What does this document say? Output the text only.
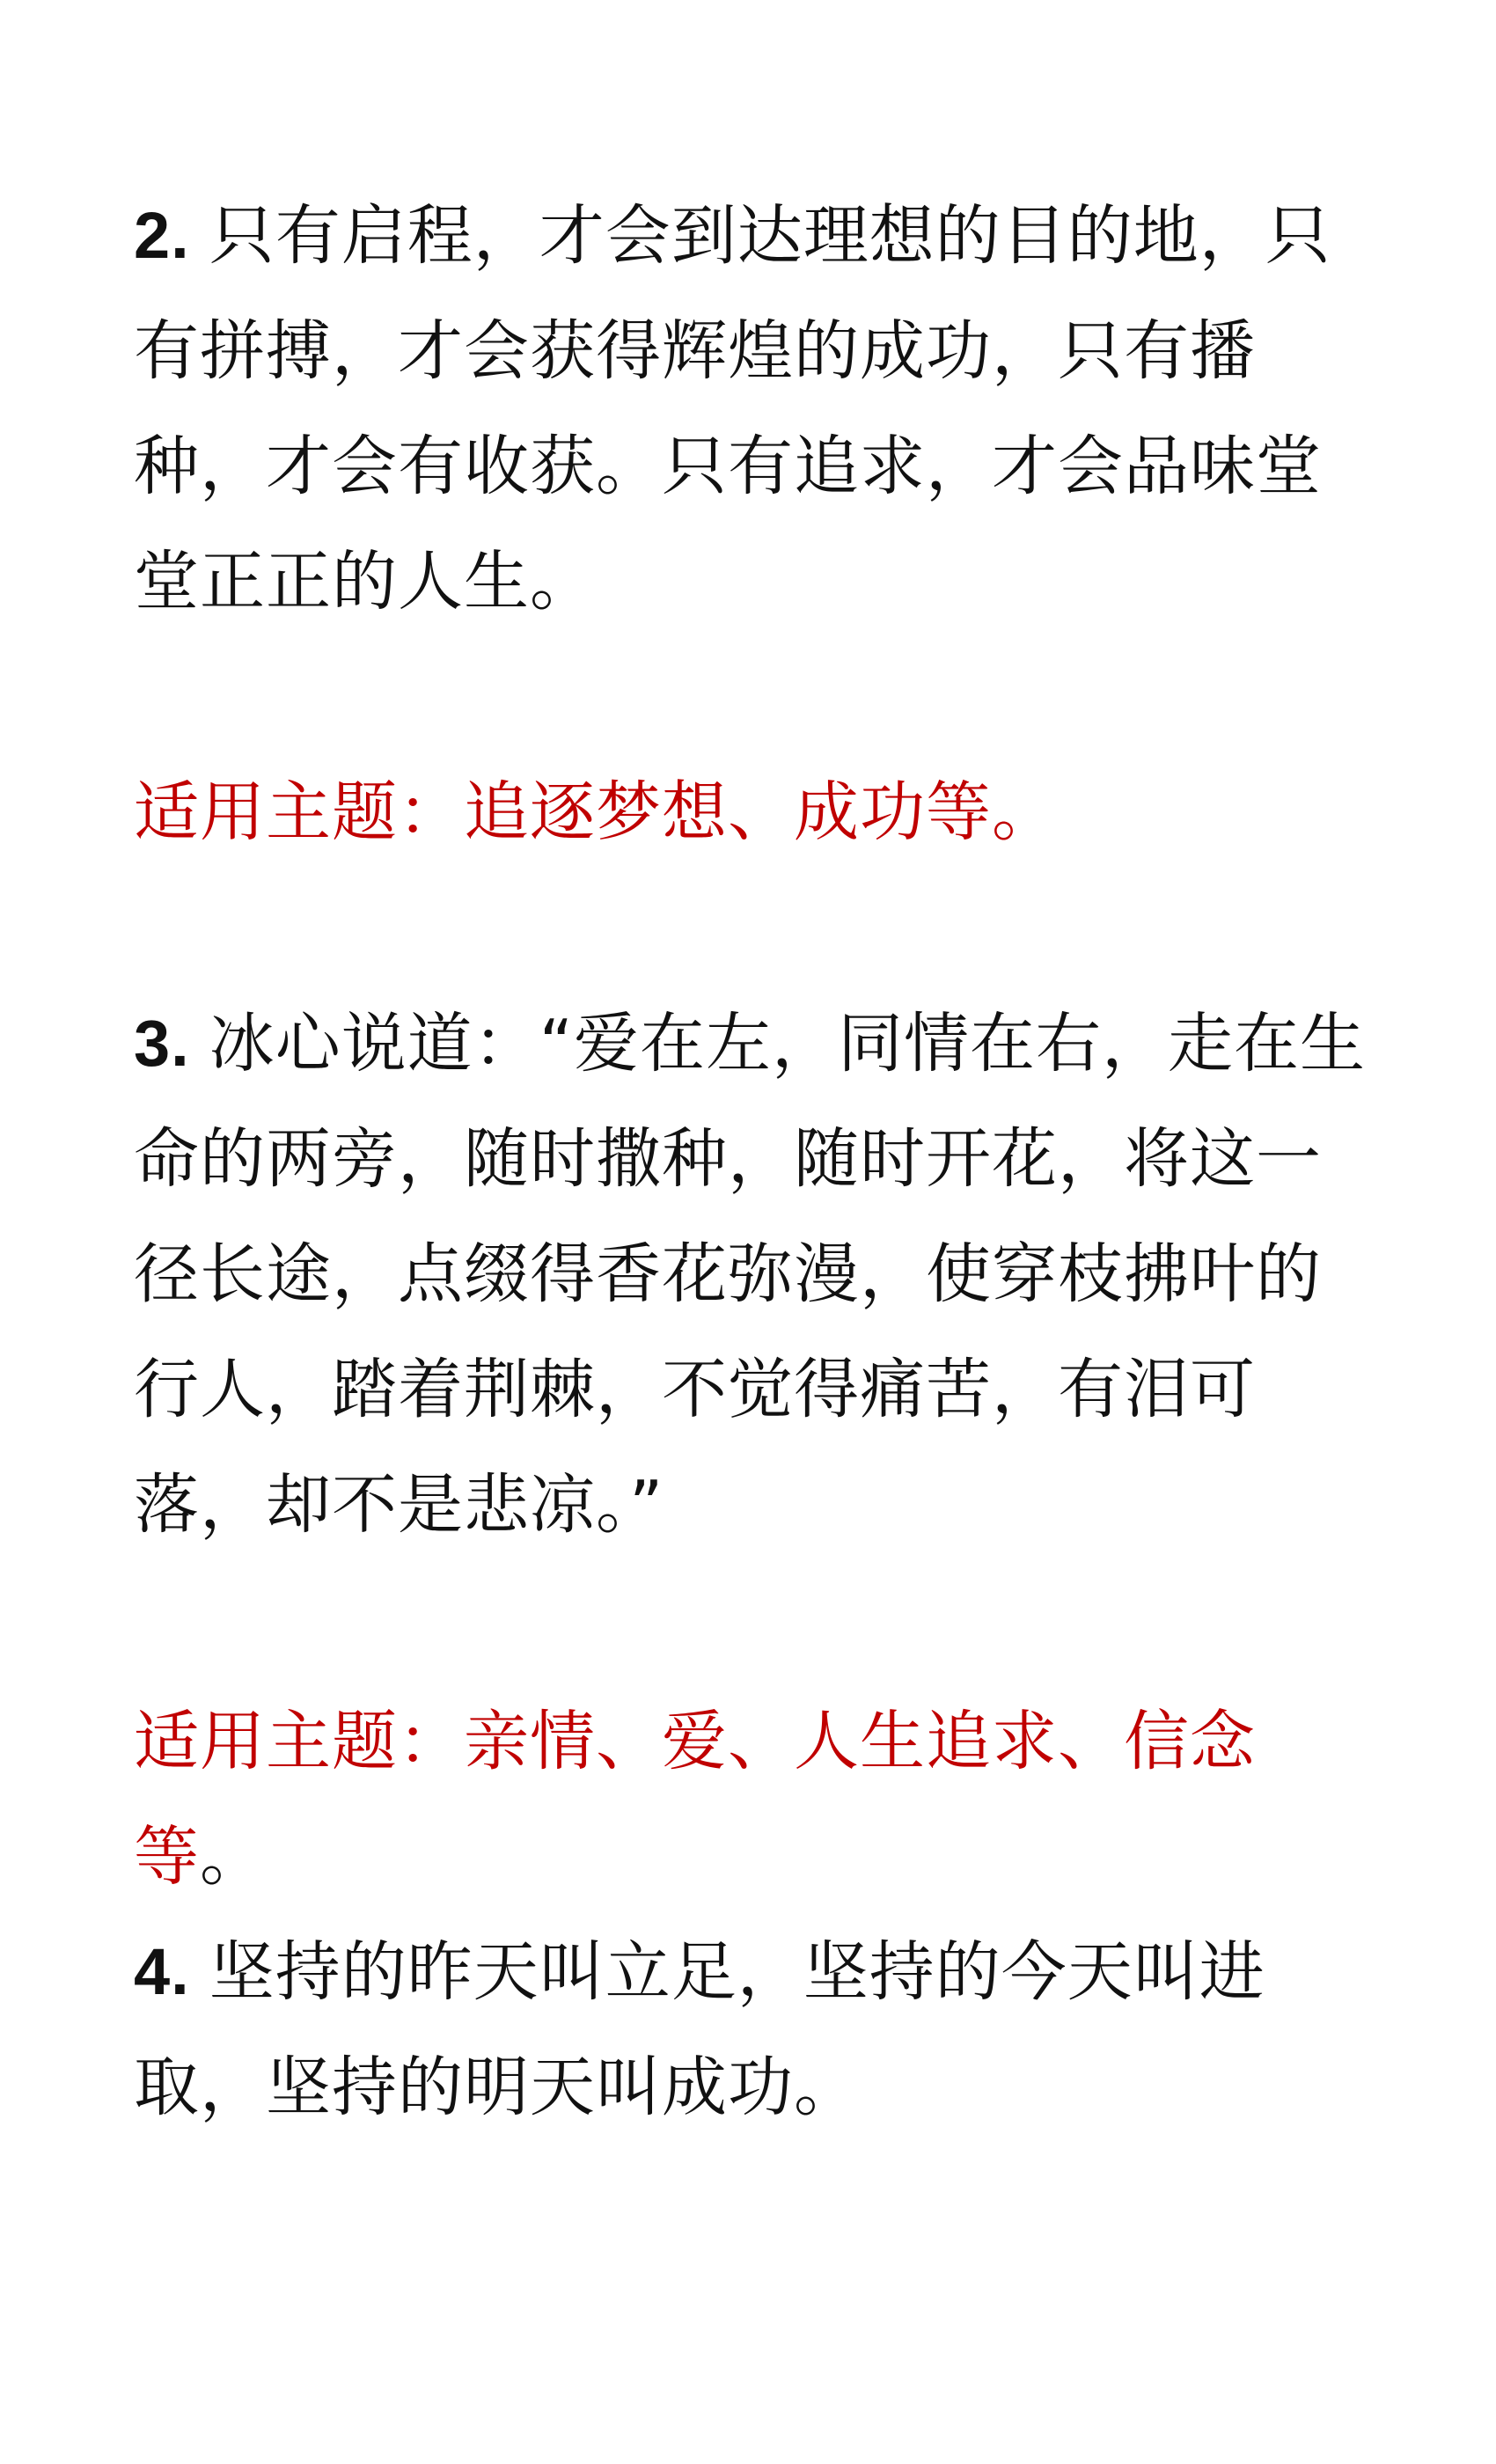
2. 只有启程，才会到达理想的目的地，只有拼搏，才会获得辉煌的成功，只有播种，才会有收获。只有追求，才会品味堂堂正正的人生。

适用主题：追逐梦想、成功等。

3. 冰心说道：“爱在左，同情在右，走在生命的两旁，随时撒种，随时开花，将这一径长途，点缀得香花弥漫，使穿枝拂叶的行人，踏着荆棘，不觉得痛苦，有泪可落，却不是悲凉。”

适用主题：亲情、爱、人生追求、信念等。

4. 坚持的昨天叫立足，坚持的今天叫进取，坚持的明天叫成功。
